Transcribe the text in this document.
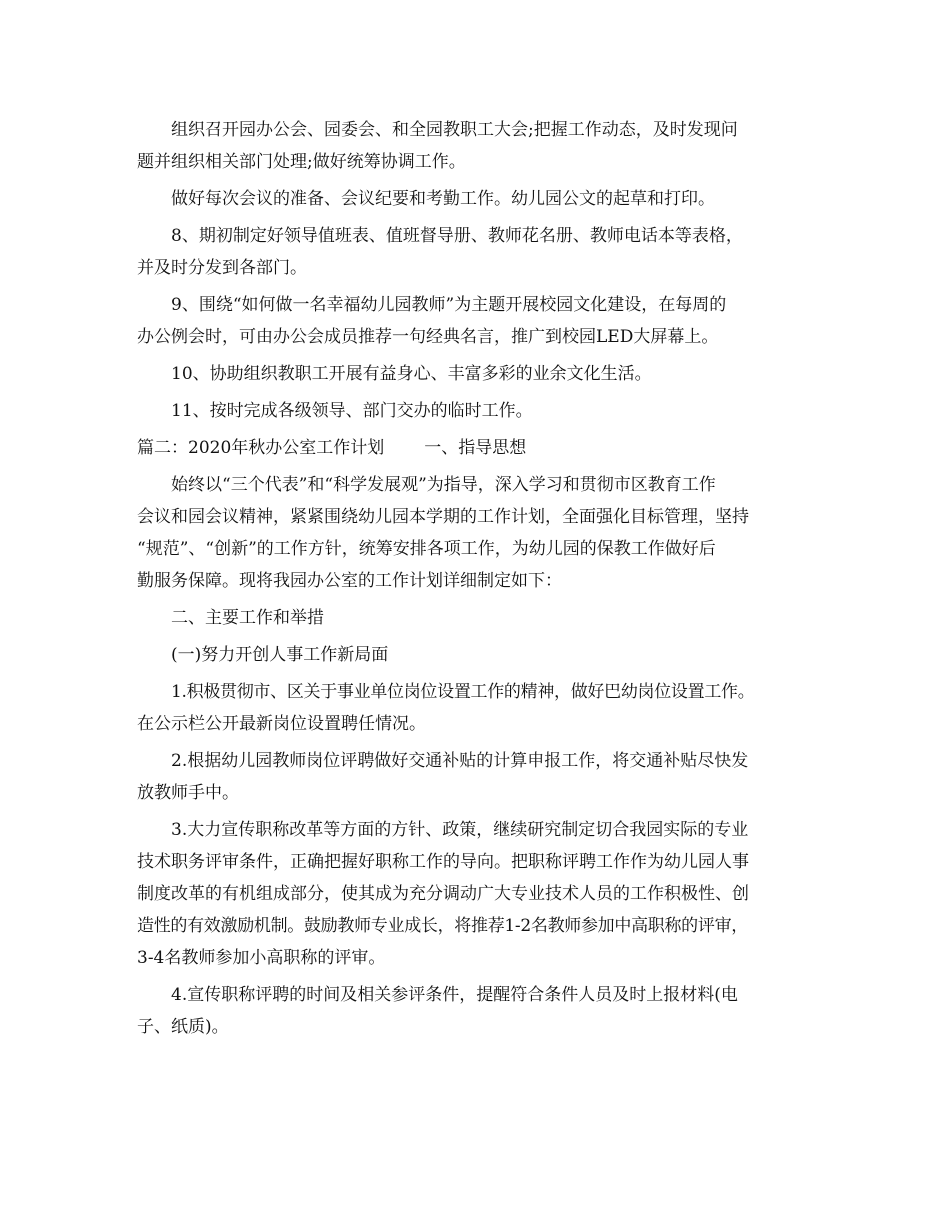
组织召开园办公会、园委会、和全园教职工大会;把握工作动态，及时发现问
题并组织相关部门处理;做好统筹协调工作。
做好每次会议的准备、会议纪要和考勤工作。幼儿园公文的起草和打印。
8、期初制定好领导值班表、值班督导册、教师花名册、教师电话本等表格，
并及时分发到各部门。
9、围绕“如何做一名幸福幼儿园教师”为主题开展校园文化建设，在每周的
办公例会时，可由办公会成员推荐一句经典名言，推广到校园LED大屏幕上。
10、协助组织教职工开展有益身心、丰富多彩的业余文化生活。
11、按时完成各级领导、部门交办的临时工作。
篇二：2020年秋办公室工作计划 一、指导思想
始终以“三个代表”和“科学发展观”为指导，深入学习和贯彻市区教育工作
会议和园会议精神，紧紧围绕幼儿园本学期的工作计划，全面强化目标管理，坚持
“规范”、“创新”的工作方针，统筹安排各项工作，为幼儿园的保教工作做好后
勤服务保障。现将我园办公室的工作计划详细制定如下：
二、主要工作和举措
(一)努力开创人事工作新局面
1.积极贯彻市、区关于事业单位岗位设置工作的精神，做好巴幼岗位设置工作。
在公示栏公开最新岗位设置聘任情况。
2.根据幼儿园教师岗位评聘做好交通补贴的计算申报工作，将交通补贴尽快发
放教师手中。
3.大力宣传职称改革等方面的方针、政策，继续研究制定切合我园实际的专业
技术职务评审条件，正确把握好职称工作的导向。把职称评聘工作作为幼儿园人事
制度改革的有机组成部分，使其成为充分调动广大专业技术人员的工作积极性、创
造性的有效激励机制。鼓励教师专业成长，将推荐1-2名教师参加中高职称的评审，
3-4名教师参加小高职称的评审。
4.宣传职称评聘的时间及相关参评条件，提醒符合条件人员及时上报材料(电
子、纸质)。
